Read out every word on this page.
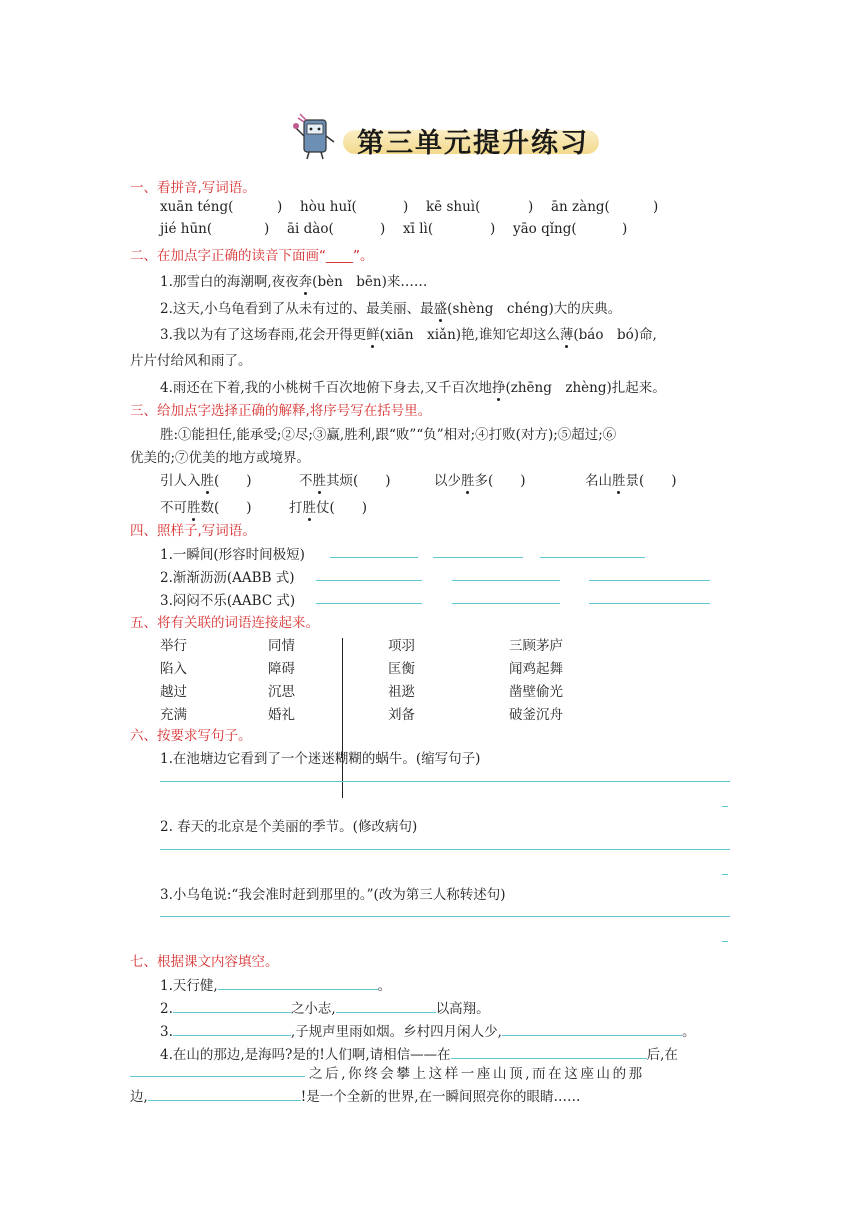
第三单元提升练习
一、看拼音,写词语。
xuān téng(	) hòu huǐ(	) kē shuì(	) ān zàng(	)
jié hūn(	) āi dào(	) xī lì(	) yāo qǐng(	)
二、在加点字正确的读音下面画“____”。
1.那雪白的海潮啊,夜夜奔(bèn　bēn)来……
2.这天,小乌龟看到了从未有过的、最美丽、最盛(shèng　chéng)大的庆典。
3.我以为有了这场春雨,花会开得更鲜(xiān　xiǎn)艳,谁知它却这么薄(báo　bó)命,
片片付给风和雨了。
4.雨还在下着,我的小桃树千百次地俯下身去,又千百次地挣(zhēng　zhèng)扎起来。
三、给加点字选择正确的解释,将序号写在括号里。
胜:①能担任,能承受;②尽;③赢,胜利,跟“败”“负”相对;④打败(对方);⑤超过;⑥
优美的;⑦优美的地方或境界。
引人入胜(　　)	不胜其烦(　　)	以少胜多(　　)	名山胜景(　　)
不可胜数(　　)	打胜仗(　　)
四、照样子,写词语。
1.一瞬间(形容时间极短)
2.渐渐沥沥(AABB 式)
3.闷闷不乐(AABC 式)
五、将有关联的词语连接起来。
举行	同情	项羽	三顾茅庐
陷入	障碍	匡衡	闻鸡起舞
越过	沉思	祖逖	凿壁偷光
充满	婚礼	刘备	破釜沉舟
六、按要求写句子。
1.在池塘边它看到了一个迷迷糊糊的蜗牛。(缩写句子)
2. 春天的北京是个美丽的季节。(修改病句)
3.小乌龟说:“我会准时赶到那里的。”(改为第三人称转述句)
七、根据课文内容填空。
1.天行健,	。
2.	之小志,	以高翔。
3.	,子规声里雨如烟。乡村四月闲人少,	。
4.在山的那边,是海吗?是的!人们啊,请相信——在	后,在
之后,你终会攀上这样一座山顶,而在这座山的那
边,	!是一个全新的世界,在一瞬间照亮你的眼睛……
